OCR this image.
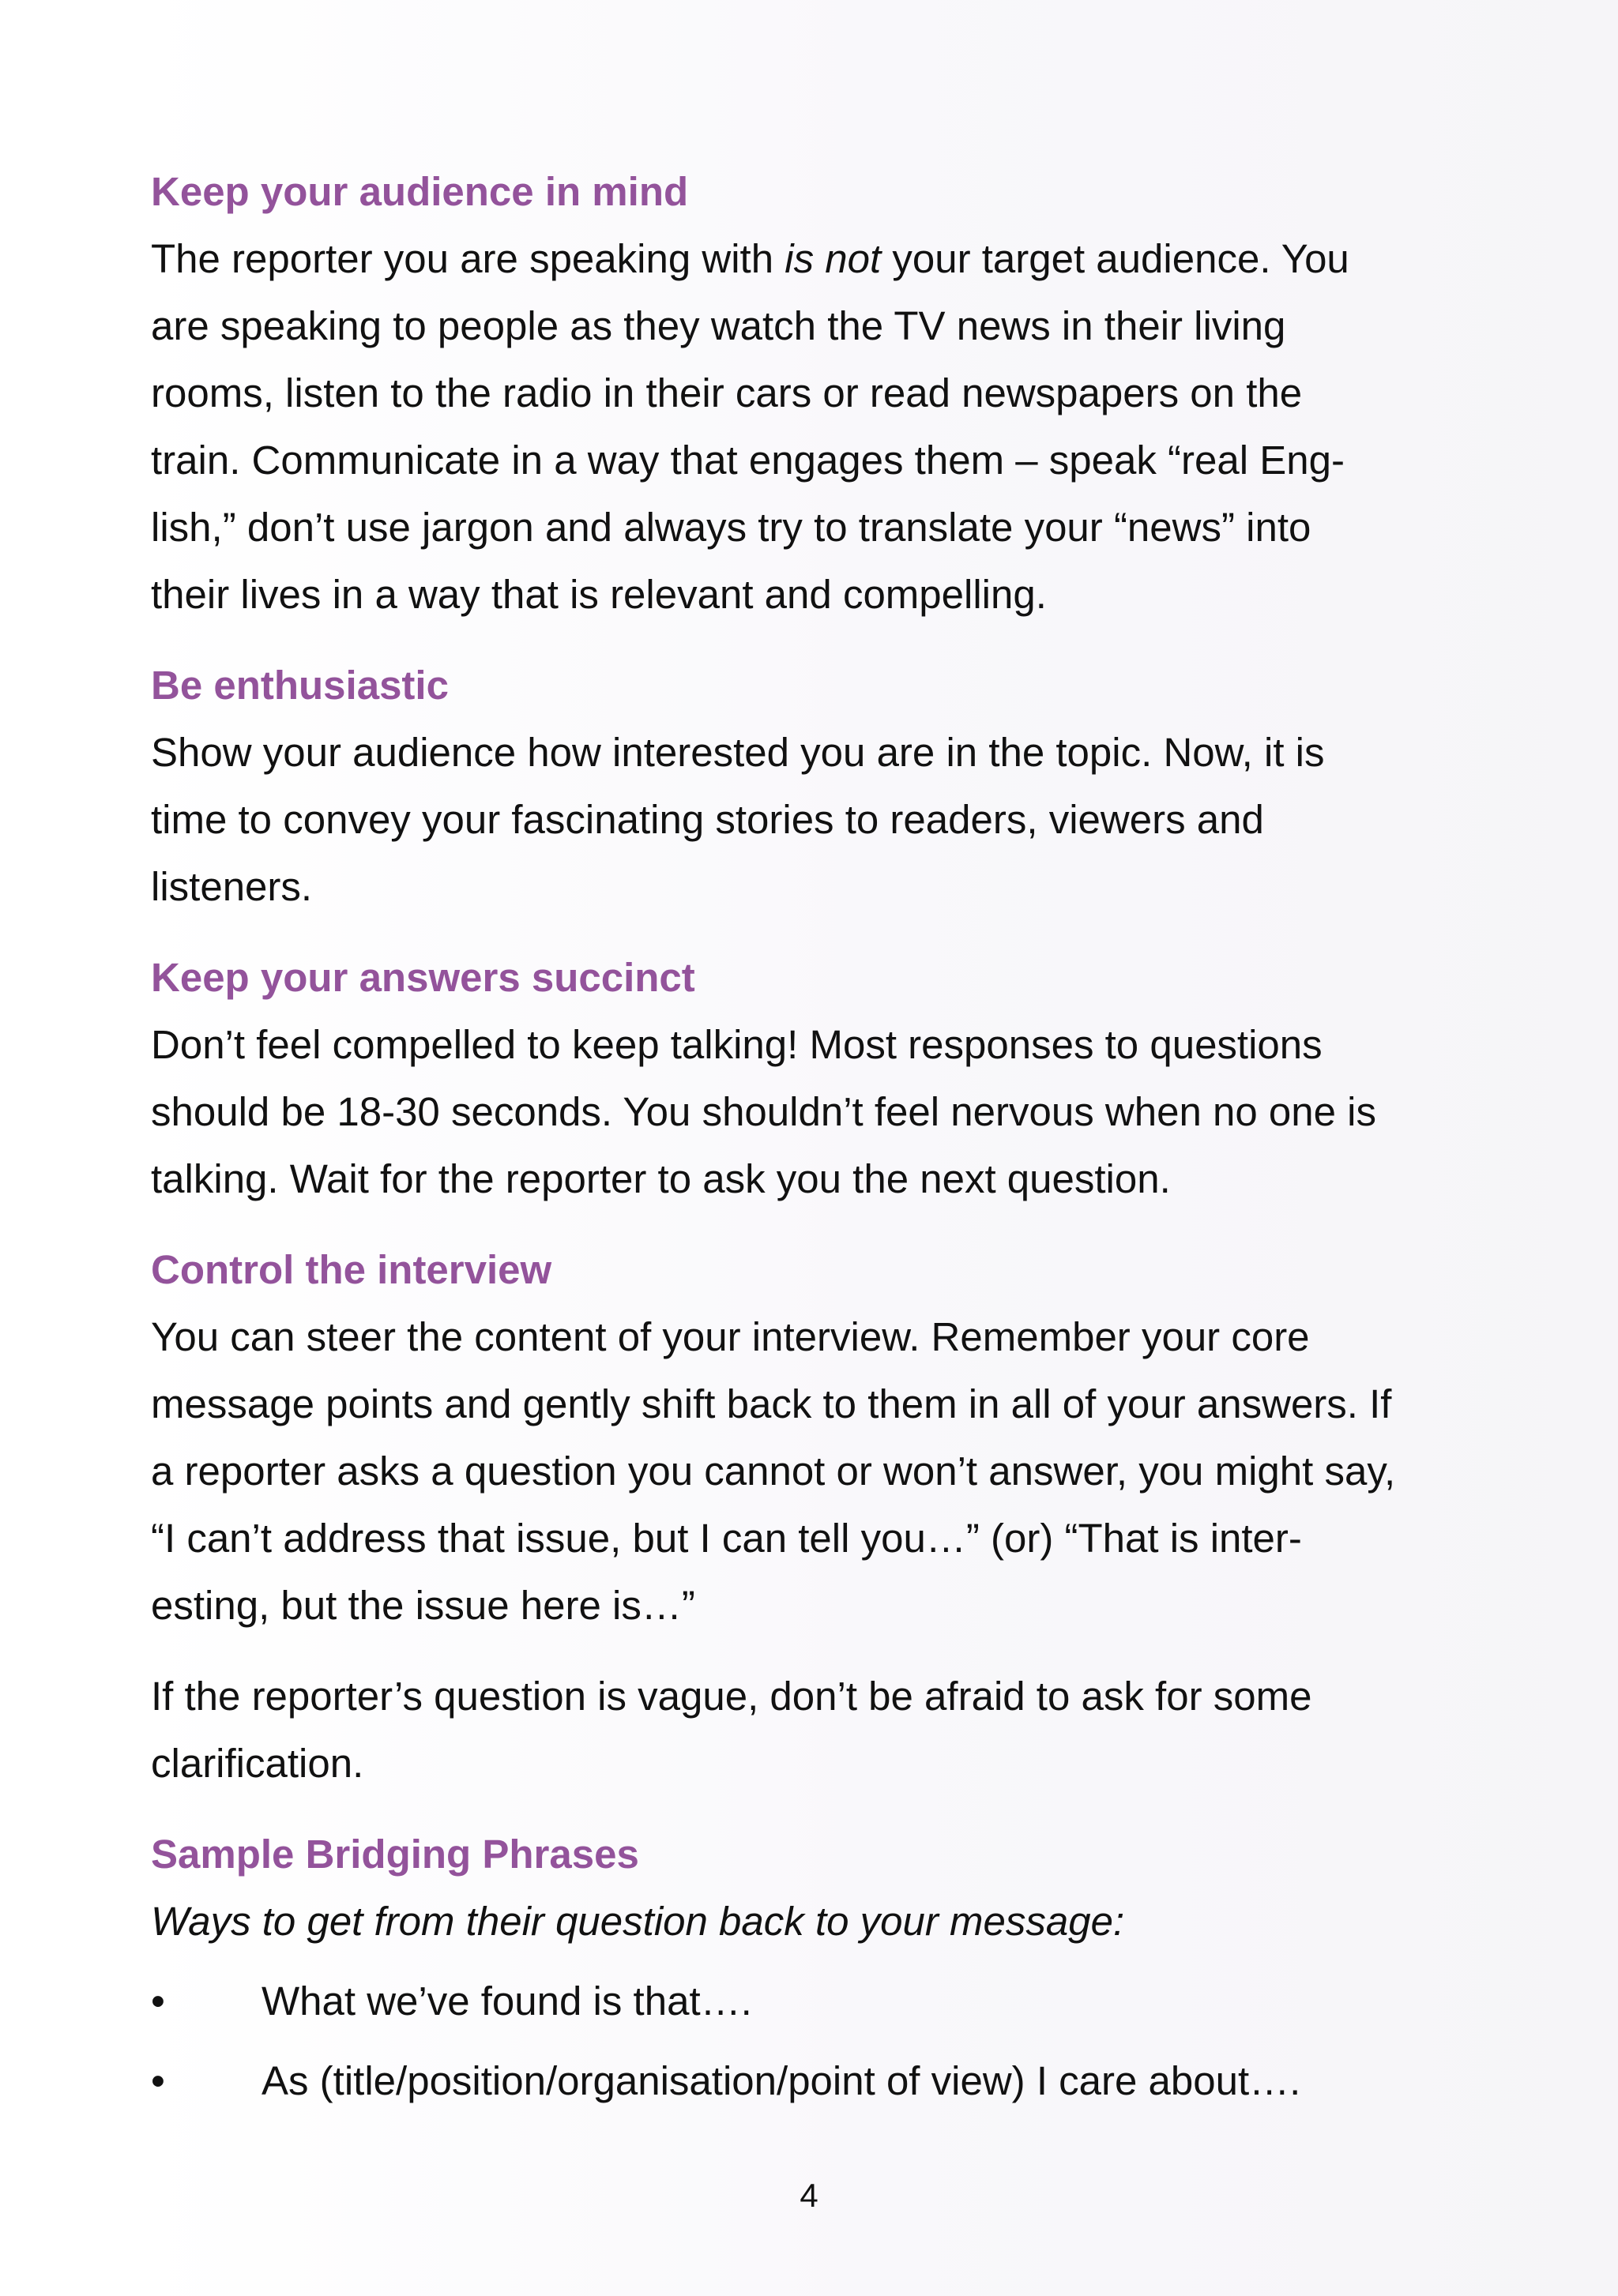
Keep your audience in mind

The reporter you are speaking with is not your target audience. You
are speaking to people as they watch the TV news in their living
rooms, listen to the radio in their cars or read newspapers on the
train. Communicate in a way that engages them – speak “real Eng-
lish,” don’t use jargon and always try to translate your “news” into
their lives in a way that is relevant and compelling.

Be enthusiastic

Show your audience how interested you are in the topic. Now, it is
time to convey your fascinating stories to readers, viewers and
listeners.

Keep your answers succinct

Don’t feel compelled to keep talking! Most responses to questions
should be 18-30 seconds. You shouldn’t feel nervous when no one is
talking. Wait for the reporter to ask you the next question.

Control the interview

You can steer the content of your interview. Remember your core
message points and gently shift back to them in all of your answers. If
a reporter asks a question you cannot or won’t answer, you might say,
“I can’t address that issue, but I can tell you…” (or) “That is inter-
esting, but the issue here is…”

If the reporter’s question is vague, don’t be afraid to ask for some
clarification.

Sample Bridging Phrases

Ways to get from their question back to your message:

•	What we’ve found is that….
•	As (title/position/organisation/point of view) I care about….
4
